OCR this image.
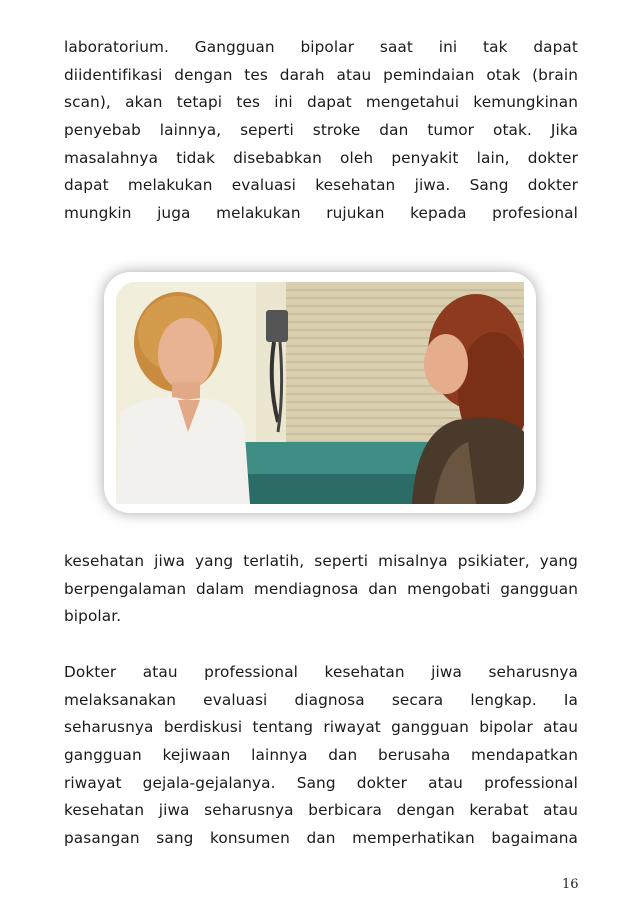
laboratorium. Gangguan bipolar saat ini tak dapat
diidentifikasi dengan tes darah atau pemindaian otak (brain
scan), akan tetapi tes ini dapat mengetahui kemungkinan
penyebab lainnya, seperti stroke dan tumor otak. Jika
masalahnya tidak disebabkan oleh penyakit lain, dokter
dapat melakukan evaluasi kesehatan jiwa. Sang dokter
mungkin juga melakukan rujukan kepada profesional
kesehatan jiwa yang terlatih, seperti misalnya psikiater, yang
berpengalaman dalam mendiagnosa dan mengobati gangguan
bipolar.
Dokter atau professional kesehatan jiwa seharusnya
melaksanakan evaluasi diagnosa secara lengkap. Ia
seharusnya berdiskusi tentang riwayat gangguan bipolar atau
gangguan kejiwaan lainnya dan berusaha mendapatkan
riwayat gejala-gejalanya. Sang dokter atau professional
kesehatan jiwa seharusnya berbicara dengan kerabat atau
pasangan sang konsumen dan memperhatikan bagaimana
16
